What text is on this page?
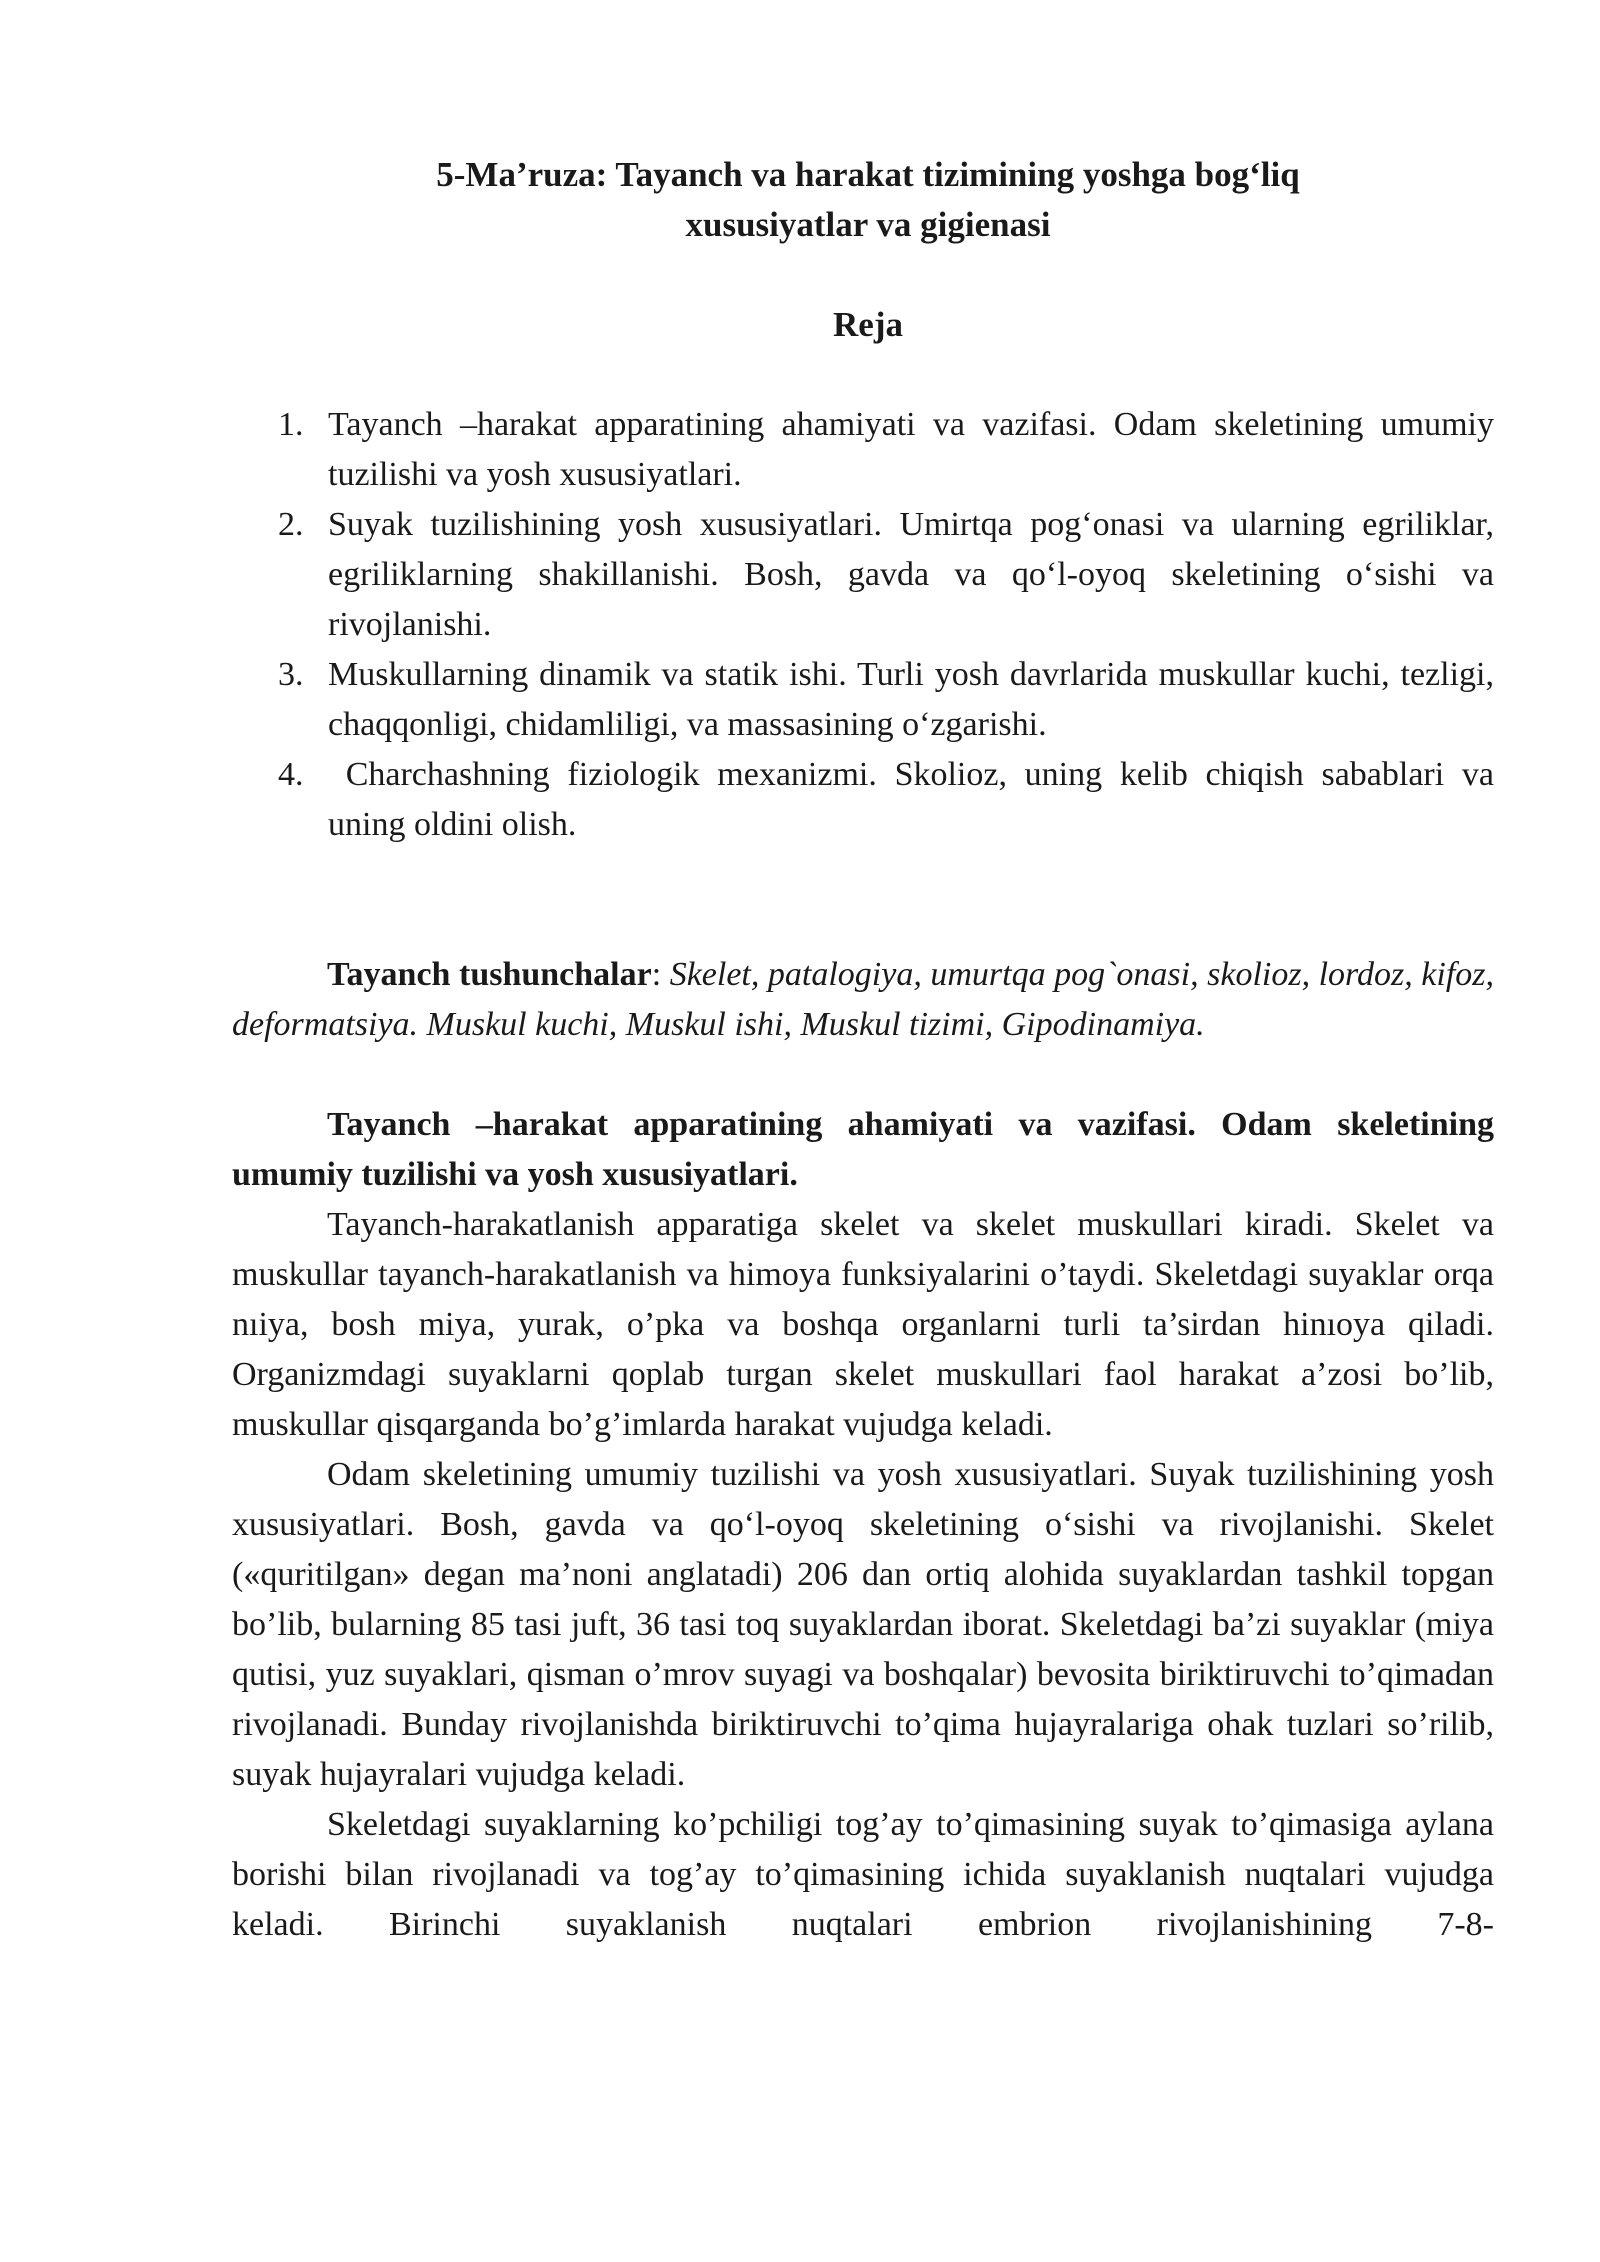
5-Ma’ruza: Tayanch va harakat tizimining yoshga bog‘liq
xususiyatlar va gigienasi
Reja
1. Tayanch –harakat apparatining ahamiyati va vazifasi. Odam skeletining umumiy tuzilishi va yosh xususiyatlari.
2. Suyak tuzilishining yosh xususiyatlari. Umirtqa pog‘onasi va ularning egriliklar, egriliklarning shakillanishi. Bosh, gavda va qo‘l-oyoq skeletining o‘sishi va rivojlanishi.
3. Muskullarning dinamik va statik ishi. Turli yosh davrlarida muskullar kuchi, tezligi, chaqqonligi, chidamliligi, va massasining o‘zgarishi.
4. Charchashning fiziologik mexanizmi. Skolioz, uning kelib chiqish sabablari va uning oldini olish.
Tayanch tushunchalar: Skelet, patalogiya, umurtqa pog`onasi, skolioz, lordoz, kifoz, deformatsiya. Muskul kuchi, Muskul ishi, Muskul tizimi, Gipodinamiya.
Tayanch –harakat apparatining ahamiyati va vazifasi. Odam skeletining umumiy tuzilishi va yosh xususiyatlari.

Tayanch-harakatlanish apparatiga skelet va skelet muskullari kiradi. Skelet va muskullar tayanch-harakatlanish va himoya funksiyalarini o’taydi. Skeletdagi suyaklar orqa nıiya, bosh miya, yurak, o’pka va boshqa organlarni turli ta’sirdan hinıoya qiladi. Organizmdagi suyaklarni qoplab turgan skelet muskullari faol harakat a’zosi bo’lib, muskullar qisqarganda bo’g’imlarda harakat vujudga keladi.

Odam skeletining umumiy tuzilishi va yosh xususiyatlari. Suyak tuzilishining yosh xususiyatlari. Bosh, gavda va qo‘l-oyoq skeletining o‘sishi va rivojlanishi. Skelet («quritilgan» degan ma’noni anglatadi) 206 dan ortiq alohida suyaklardan tashkil topgan bo’lib, bularning 85 tasi juft, 36 tasi toq suyaklardan iborat. Skeletdagi ba’zi suyaklar (miya qutisi, yuz suyaklari, qisman o’mrov suyagi va boshqalar) bevosita biriktiruvchi to’qimadan rivojlanadi. Bunday rivojlanishda biriktiruvchi to’qima hujayralariga ohak tuzlari so’rilib, suyak hujayralari vujudga keladi.

Skeletdagi suyaklarning ko’pchiligi tog’ay to’qimasining suyak to’qimasiga aylana borishi bilan rivojlanadi va tog’ay to’qimasining ichida suyaklanish nuqtalari vujudga keladi. Birinchi suyaklanish nuqtalari embrion rivojlanishining 7-8-
